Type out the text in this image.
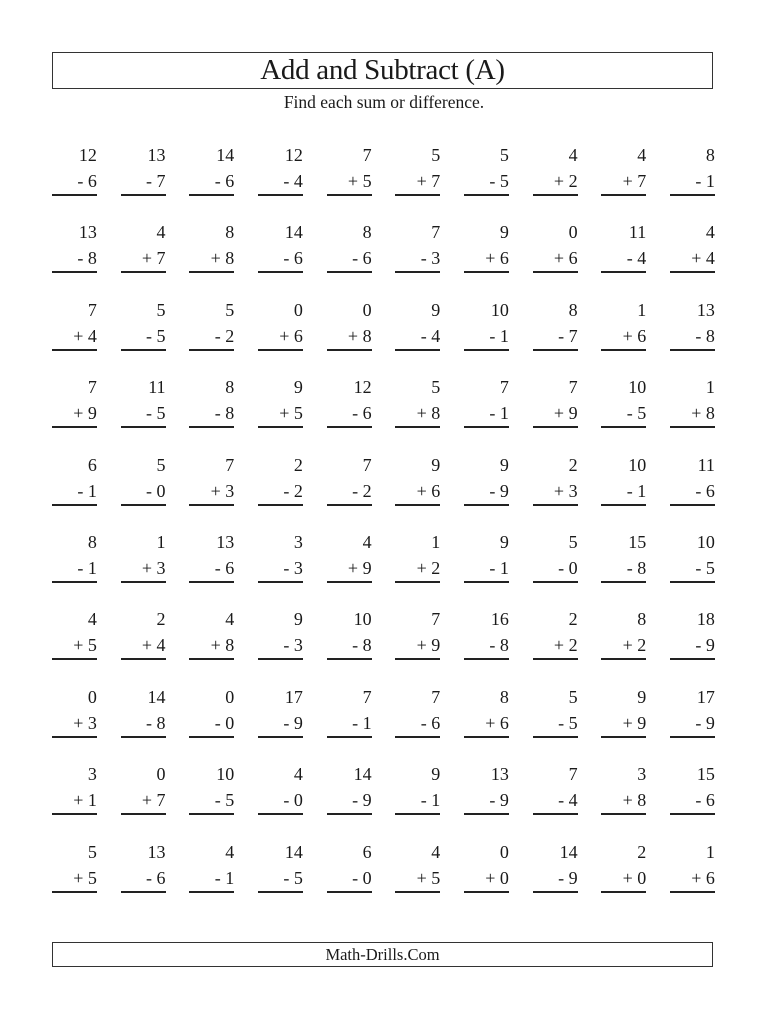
Add and Subtract (A)
Find each sum or difference.
12
- 6
13
- 7
14
- 6
12
- 4
7
+ 5
5
+ 7
5
- 5
4
+ 2
4
+ 7
8
- 1
13
- 8
4
+ 7
8
+ 8
14
- 6
8
- 6
7
- 3
9
+ 6
0
+ 6
11
- 4
4
+ 4
7
+ 4
5
- 5
5
- 2
0
+ 6
0
+ 8
9
- 4
10
- 1
8
- 7
1
+ 6
13
- 8
7
+ 9
11
- 5
8
- 8
9
+ 5
12
- 6
5
+ 8
7
- 1
7
+ 9
10
- 5
1
+ 8
6
- 1
5
- 0
7
+ 3
2
- 2
7
- 2
9
+ 6
9
- 9
2
+ 3
10
- 1
11
- 6
8
- 1
1
+ 3
13
- 6
3
- 3
4
+ 9
1
+ 2
9
- 1
5
- 0
15
- 8
10
- 5
4
+ 5
2
+ 4
4
+ 8
9
- 3
10
- 8
7
+ 9
16
- 8
2
+ 2
8
+ 2
18
- 9
0
+ 3
14
- 8
0
- 0
17
- 9
7
- 1
7
- 6
8
+ 6
5
- 5
9
+ 9
17
- 9
3
+ 1
0
+ 7
10
- 5
4
- 0
14
- 9
9
- 1
13
- 9
7
- 4
3
+ 8
15
- 6
5
+ 5
13
- 6
4
- 1
14
- 5
6
- 0
4
+ 5
0
+ 0
14
- 9
2
+ 0
1
+ 6
Math-Drills.Com
